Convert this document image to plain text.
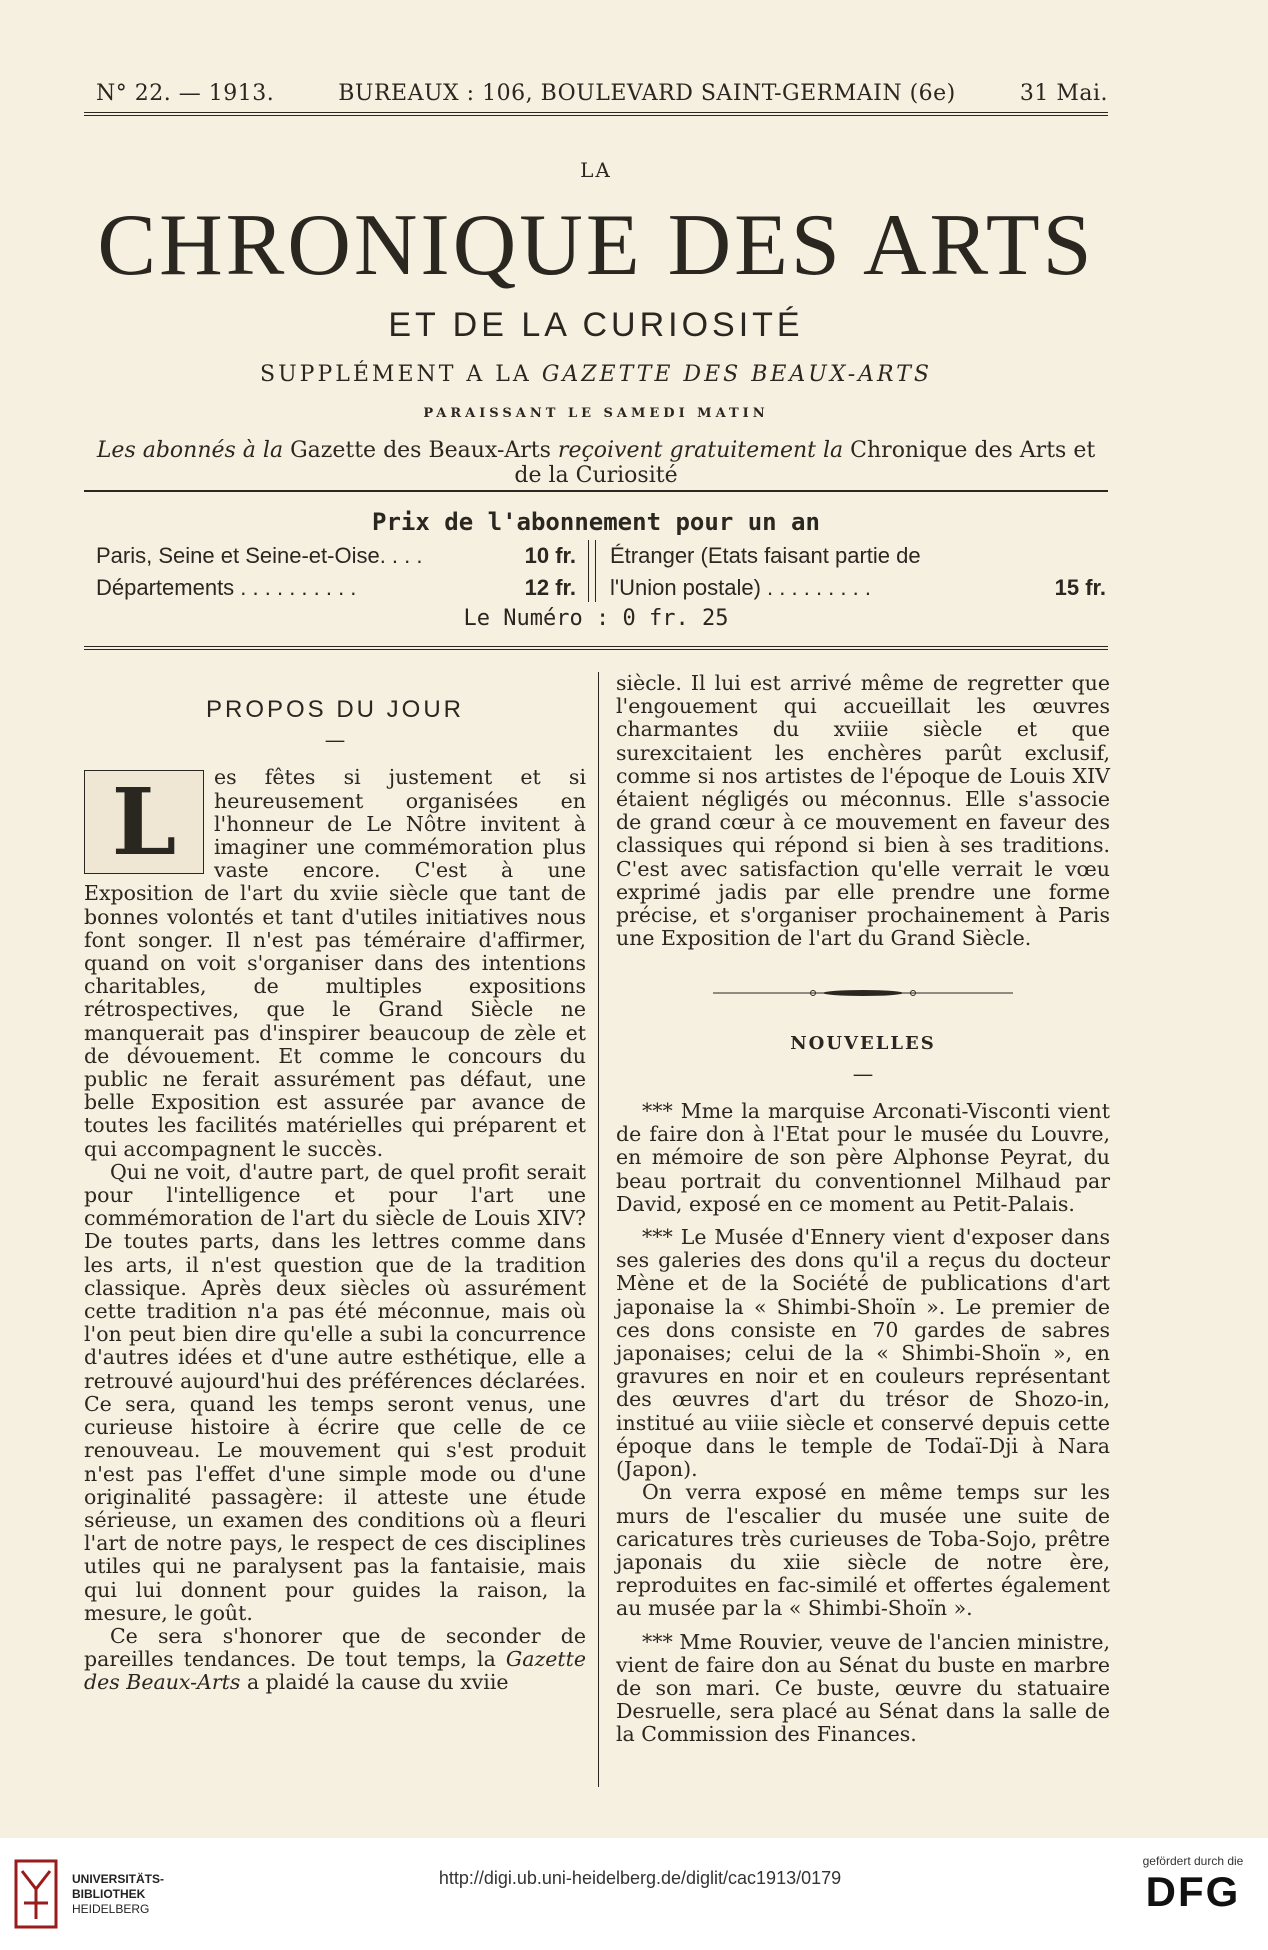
N° 22. — 1913.	BUREAUX : 106, BOULEVARD SAINT-GERMAIN (6e)	31 Mai.
LA
CHRONIQUE DES ARTS
ET DE LA CURIOSITÉ
SUPPLÉMENT A LA GAZETTE DES BEAUX-ARTS
PARAISSANT LE SAMEDI MATIN
Les abonnés à la Gazette des Beaux-Arts reçoivent gratuitement la Chronique des Arts et de la Curiosité
Prix de l'abonnement pour un an
Paris, Seine et Seine-et-Oise. . . .	10 fr.
Départements . . . . . . . . . .	12 fr.
Étranger (Etats faisant partie de
l'Union postale) . . . . . . . . .	15 fr.
Le Numéro : 0 fr. 25
PROPOS DU JOUR
—
L	es fêtes si justement et si heureusement organisées en l'honneur de Le Nôtre invitent à imaginer une commémoration plus vaste encore. C'est à une Exposition de l'art du xviie siècle que tant de bonnes volontés et tant d'utiles initiatives nous font songer. Il n'est pas téméraire d'affirmer, quand on voit s'organiser dans des intentions charitables, de multiples expositions rétrospectives, que le Grand Siècle ne manquerait pas d'inspirer beaucoup de zèle et de dévouement. Et comme le concours du public ne ferait assurément pas défaut, une belle Exposition est assurée par avance de toutes les facilités matérielles qui préparent et qui accompagnent le succès.

Qui ne voit, d'autre part, de quel profit serait pour l'intelligence et pour l'art une commémoration de l'art du siècle de Louis XIV? De toutes parts, dans les lettres comme dans les arts, il n'est question que de la tradition classique. Après deux siècles où assurément cette tradition n'a pas été méconnue, mais où l'on peut bien dire qu'elle a subi la concurrence d'autres idées et d'une autre esthétique, elle a retrouvé aujourd'hui des préférences déclarées. Ce sera, quand les temps seront venus, une curieuse histoire à écrire que celle de ce renouveau. Le mouvement qui s'est produit n'est pas l'effet d'une simple mode ou d'une originalité passagère: il atteste une étude sérieuse, un examen des conditions où a fleuri l'art de notre pays, le respect de ces disciplines utiles qui ne paralysent pas la fantaisie, mais qui lui donnent pour guides la raison, la mesure, le goût.

Ce sera s'honorer que de seconder de pareilles tendances. De tout temps, la Gazette des Beaux-Arts a plaidé la cause du xviie

siècle. Il lui est arrivé même de regretter que l'engouement qui accueillait les œuvres charmantes du xviiie siècle et que surexcitaient les enchères parût exclusif, comme si nos artistes de l'époque de Louis XIV étaient négligés ou méconnus. Elle s'associe de grand cœur à ce mouvement en faveur des classiques qui répond si bien à ses traditions. C'est avec satisfaction qu'elle verrait le vœu exprimé jadis par elle prendre une forme précise, et s'organiser prochainement à Paris une Exposition de l'art du Grand Siècle.

NOUVELLES
—

*** Mme la marquise Arconati-Visconti vient de faire don à l'Etat pour le musée du Louvre, en mémoire de son père Alphonse Peyrat, du beau portrait du conventionnel Milhaud par David, exposé en ce moment au Petit-Palais.

*** Le Musée d'Ennery vient d'exposer dans ses galeries des dons qu'il a reçus du docteur Mène et de la Société de publications d'art japonaise la « Shimbi-Shoïn ». Le premier de ces dons consiste en 70 gardes de sabres japonaises; celui de la « Shimbi-Shoïn », en gravures en noir et en couleurs représentant des œuvres d'art du trésor de Shozo-in, institué au viiie siècle et conservé depuis cette époque dans le temple de Todaï-Dji à Nara (Japon).

On verra exposé en même temps sur les murs de l'escalier du musée une suite de caricatures très curieuses de Toba-Sojo, prêtre japonais du xiie siècle de notre ère, reproduites en fac-similé et offertes également au musée par la « Shimbi-Shoïn ».

*** Mme Rouvier, veuve de l'ancien ministre, vient de faire don au Sénat du buste en marbre de son mari. Ce buste, œuvre du statuaire Desruelle, sera placé au Sénat dans la salle de la Commission des Finances.

UNIVERSITÄTS-
BIBLIOTHEK
HEIDELBERG
http://digi.ub.uni-heidelberg.de/diglit/cac1913/0179
gefördert durch die
DFG
